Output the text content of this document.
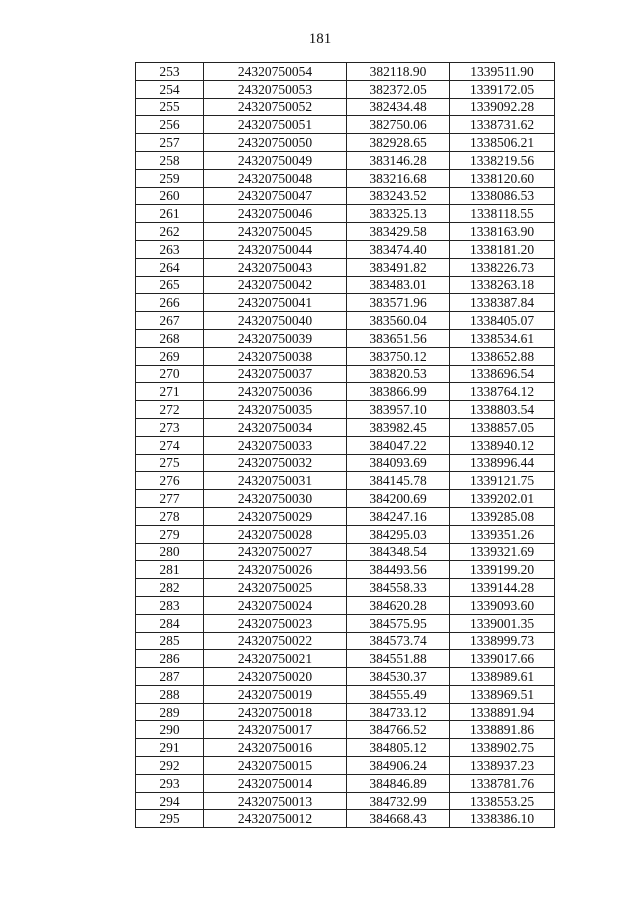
181
253	24320750054	382118.90	1339511.90
254	24320750053	382372.05	1339172.05
255	24320750052	382434.48	1339092.28
256	24320750051	382750.06	1338731.62
257	24320750050	382928.65	1338506.21
258	24320750049	383146.28	1338219.56
259	24320750048	383216.68	1338120.60
260	24320750047	383243.52	1338086.53
261	24320750046	383325.13	1338118.55
262	24320750045	383429.58	1338163.90
263	24320750044	383474.40	1338181.20
264	24320750043	383491.82	1338226.73
265	24320750042	383483.01	1338263.18
266	24320750041	383571.96	1338387.84
267	24320750040	383560.04	1338405.07
268	24320750039	383651.56	1338534.61
269	24320750038	383750.12	1338652.88
270	24320750037	383820.53	1338696.54
271	24320750036	383866.99	1338764.12
272	24320750035	383957.10	1338803.54
273	24320750034	383982.45	1338857.05
274	24320750033	384047.22	1338940.12
275	24320750032	384093.69	1338996.44
276	24320750031	384145.78	1339121.75
277	24320750030	384200.69	1339202.01
278	24320750029	384247.16	1339285.08
279	24320750028	384295.03	1339351.26
280	24320750027	384348.54	1339321.69
281	24320750026	384493.56	1339199.20
282	24320750025	384558.33	1339144.28
283	24320750024	384620.28	1339093.60
284	24320750023	384575.95	1339001.35
285	24320750022	384573.74	1338999.73
286	24320750021	384551.88	1339017.66
287	24320750020	384530.37	1338989.61
288	24320750019	384555.49	1338969.51
289	24320750018	384733.12	1338891.94
290	24320750017	384766.52	1338891.86
291	24320750016	384805.12	1338902.75
292	24320750015	384906.24	1338937.23
293	24320750014	384846.89	1338781.76
294	24320750013	384732.99	1338553.25
295	24320750012	384668.43	1338386.10
